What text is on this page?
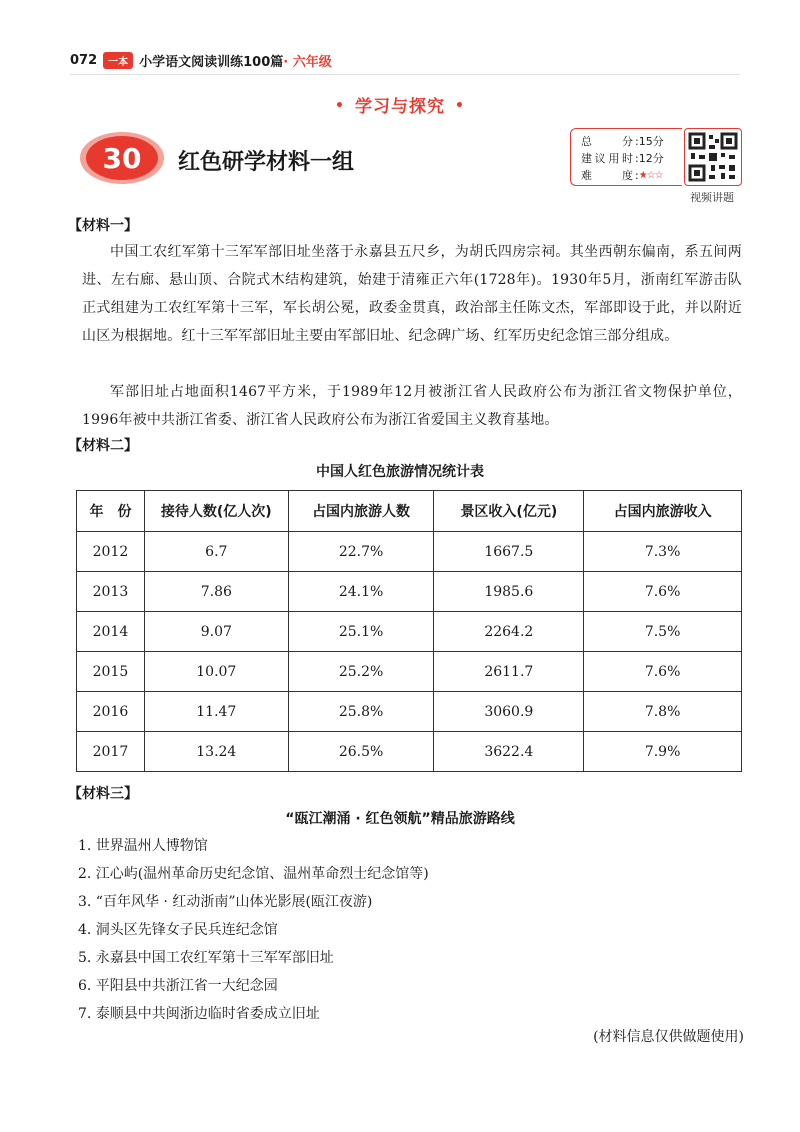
072	一本 小学语文阅读训练100篇 · 六年级
• 学习与探究 •
30 红色研学材料一组
总　　分 : 15分
建议用时 : 12分
难　　度 : ★☆☆
视频讲题
【材料一】
中国工农红军第十三军军部旧址坐落于永嘉县五尺乡，为胡氏四房宗祠。其坐西朝东偏南，系五间两进、左右廊、悬山顶、合院式木结构建筑，始建于清雍正六年(1728年)。1930年5月，浙南红军游击队正式组建为工农红军第十三军，军长胡公冕，政委金贯真，政治部主任陈文杰，军部即设于此，并以附近山区为根据地。红十三军军部旧址主要由军部旧址、纪念碑广场、红军历史纪念馆三部分组成。
军部旧址占地面积1467平方米，于1989年12月被浙江省人民政府公布为浙江省文物保护单位，1996年被中共浙江省委、浙江省人民政府公布为浙江省爱国主义教育基地。
【材料二】
中国人红色旅游情况统计表
年　份	接待人数(亿人次)	占国内旅游人数	景区收入(亿元)	占国内旅游收入
2012	6.7	22.7%	1667.5	7.3%
2013	7.86	24.1%	1985.6	7.6%
2014	9.07	25.1%	2264.2	7.5%
2015	10.07	25.2%	2611.7	7.6%
2016	11.47	25.8%	3060.9	7.8%
2017	13.24	26.5%	3622.4	7.9%
【材料三】
“瓯江潮涌 · 红色领航”精品旅游路线
1. 世界温州人博物馆
2. 江心屿(温州革命历史纪念馆、温州革命烈士纪念馆等)
3. “百年风华 · 红动浙南”山体光影展(瓯江夜游)
4. 洞头区先锋女子民兵连纪念馆
5. 永嘉县中国工农红军第十三军军部旧址
6. 平阳县中共浙江省一大纪念园
7. 泰顺县中共闽浙边临时省委成立旧址
(材料信息仅供做题使用)
